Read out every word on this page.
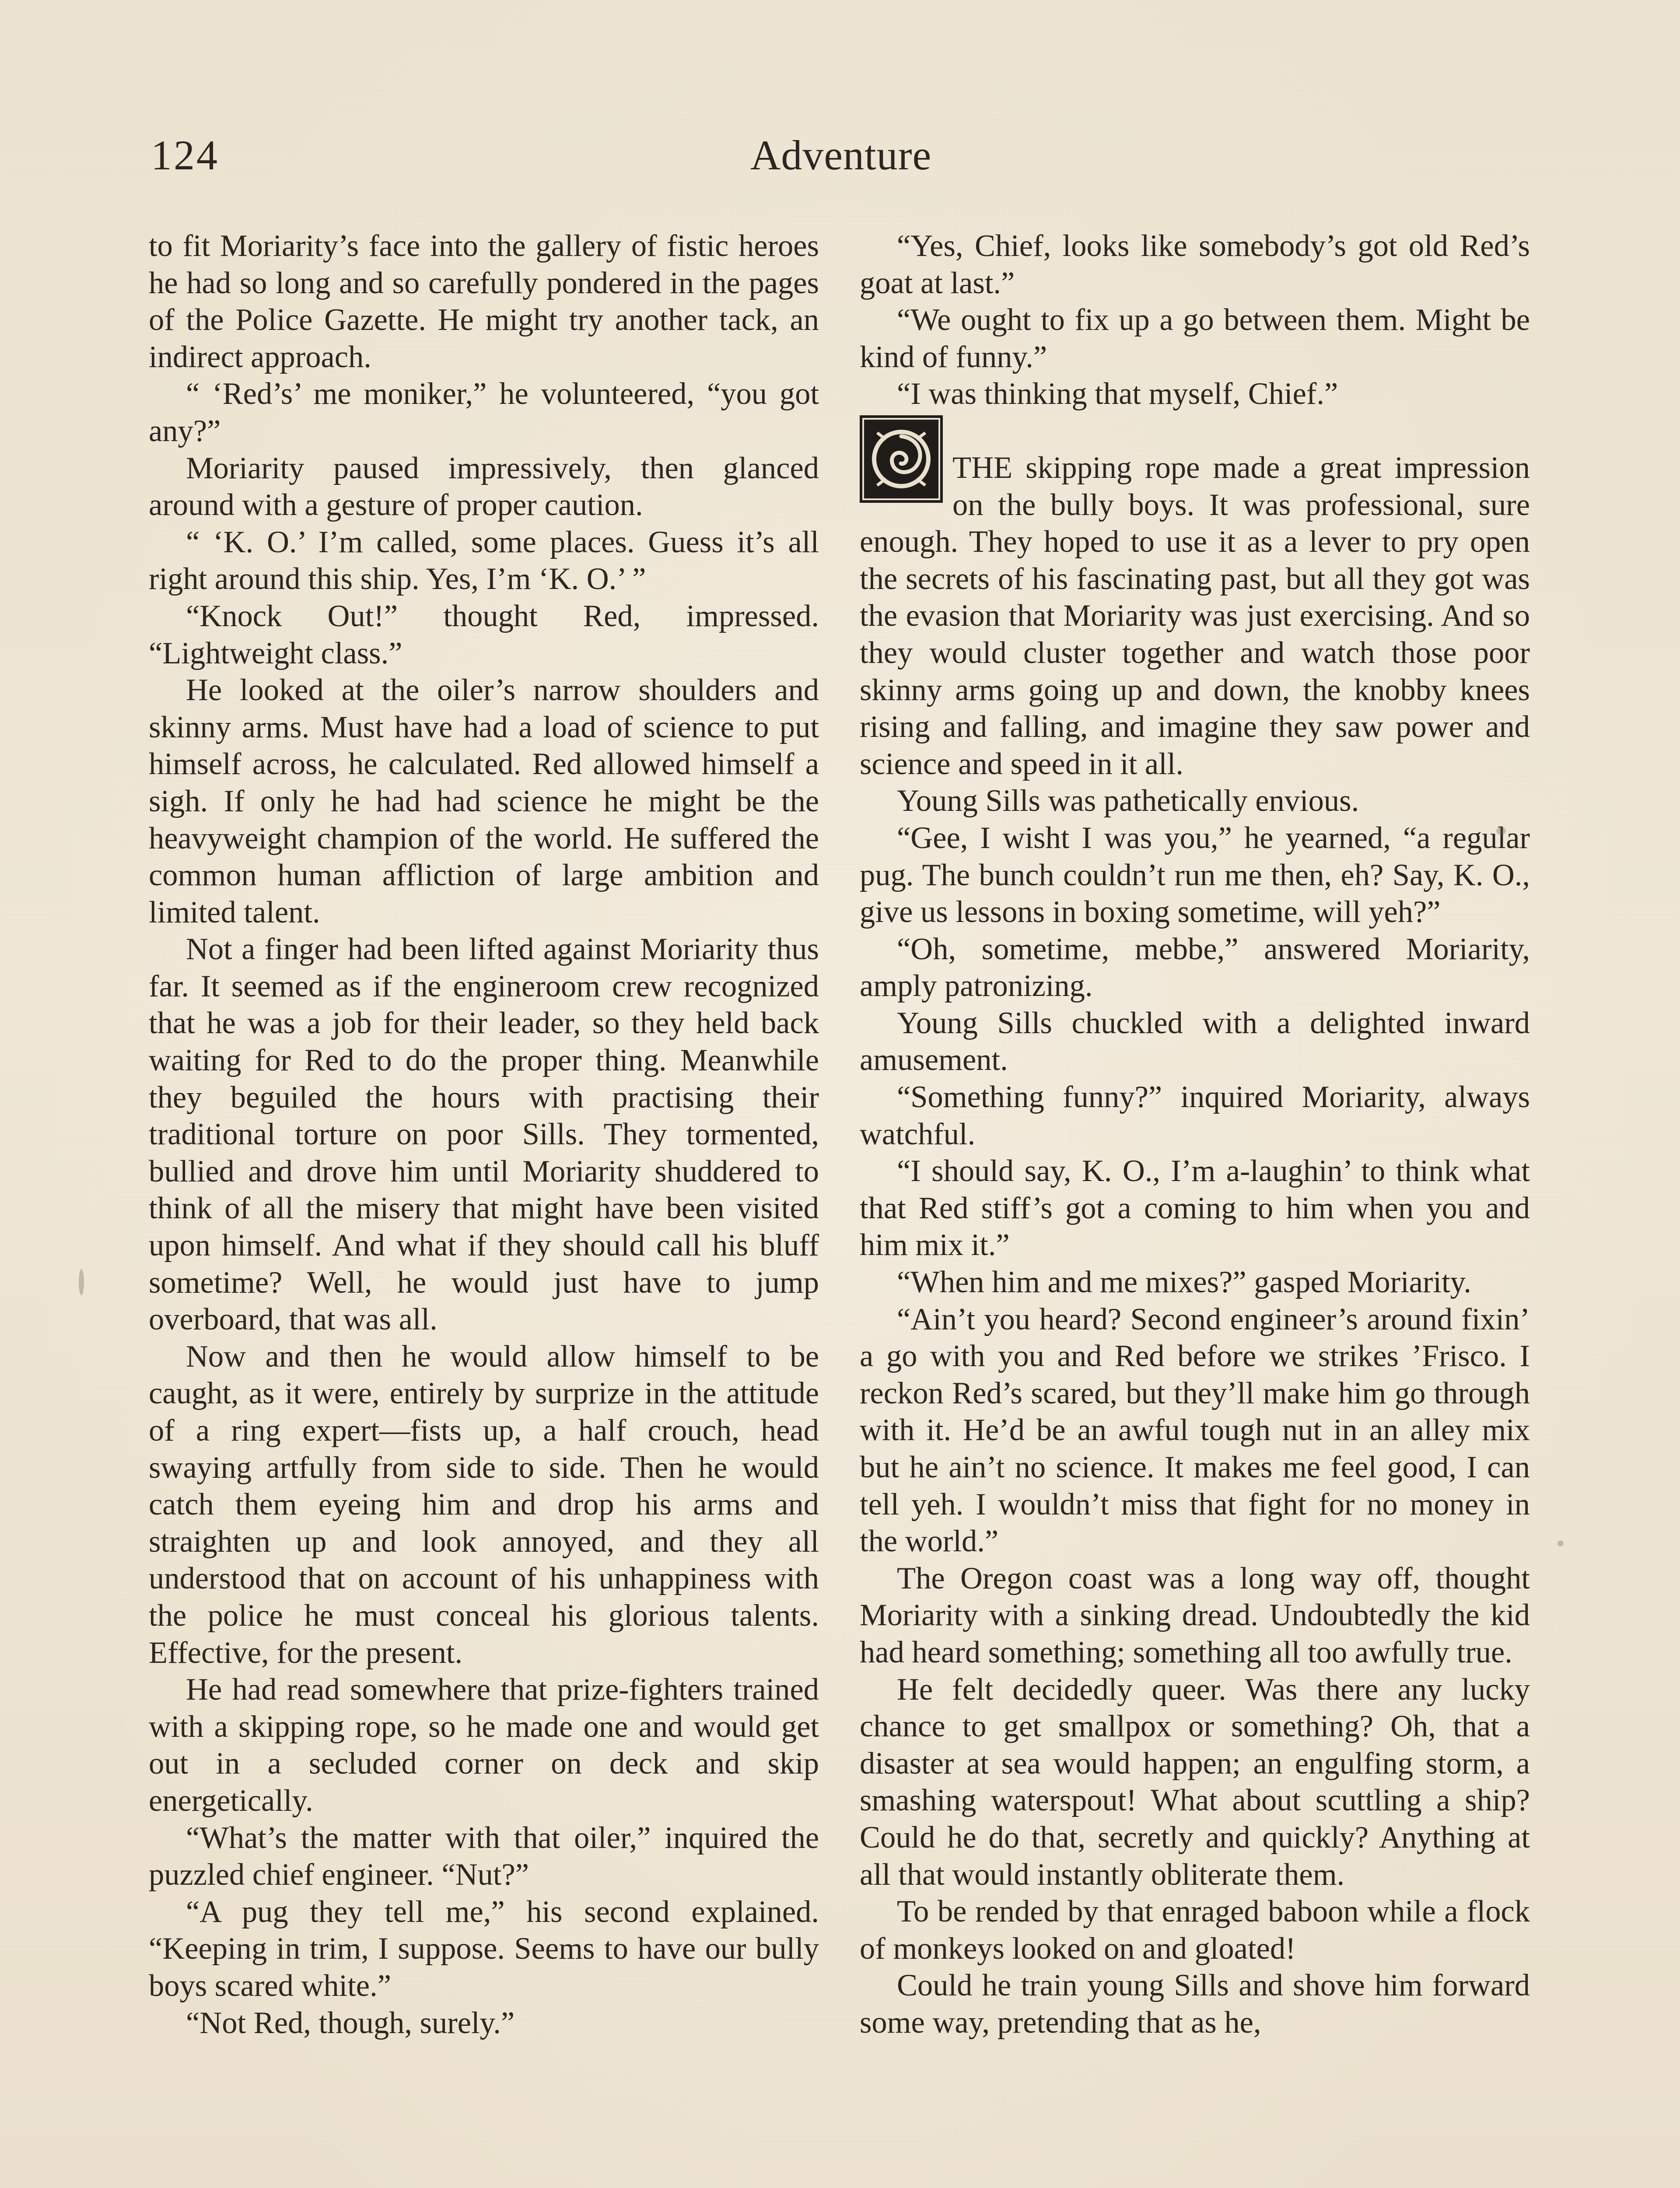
124	Adventure

to fit Moriarity’s face into the gallery of fistic heroes he had so long and so carefully pondered in the pages of the Police Gazette. He might try another tack, an indirect approach.

“ ‘Red’s’ me moniker,” he volunteered, “you got any?”

Moriarity paused impressively, then glanced around with a gesture of proper caution.

“ ‘K. O.’ I’m called, some places. Guess it’s all right around this ship. Yes, I’m ‘K. O.’ ”

“Knock Out!” thought Red, impressed. “Lightweight class.”

He looked at the oiler’s narrow shoulders and skinny arms. Must have had a load of science to put himself across, he calculated. Red allowed himself a sigh. If only he had had science he might be the heavyweight champion of the world. He suffered the common human affliction of large ambition and limited talent.

Not a finger had been lifted against Moriarity thus far. It seemed as if the engineroom crew recognized that he was a job for their leader, so they held back waiting for Red to do the proper thing. Meanwhile they beguiled the hours with practising their traditional torture on poor Sills. They tormented, bullied and drove him until Moriarity shuddered to think of all the misery that might have been visited upon himself. And what if they should call his bluff sometime? Well, he would just have to jump overboard, that was all.

Now and then he would allow himself to be caught, as it were, entirely by surprize in the attitude of a ring expert—fists up, a half crouch, head swaying artfully from side to side. Then he would catch them eyeing him and drop his arms and straighten up and look annoyed, and they all understood that on account of his unhappiness with the police he must conceal his glorious talents. Effective, for the present.

He had read somewhere that prize-fighters trained with a skipping rope, so he made one and would get out in a secluded corner on deck and skip energetically.

“What’s the matter with that oiler,” inquired the puzzled chief engineer. “Nut?”

“A pug they tell me,” his second explained. “Keeping in trim, I suppose. Seems to have our bully boys scared white.”

“Not Red, though, surely.”

“Yes, Chief, looks like somebody’s got old Red’s goat at last.”

“We ought to fix up a go between them. Might be kind of funny.”

“I was thinking that myself, Chief.”

THE skipping rope made a great impression on the bully boys. It was professional, sure enough. They hoped to use it as a lever to pry open the secrets of his fascinating past, but all they got was the evasion that Moriarity was just exercising. And so they would cluster together and watch those poor skinny arms going up and down, the knobby knees rising and falling, and imagine they saw power and science and speed in it all.

Young Sills was pathetically envious.

“Gee, I wisht I was you,” he yearned, “a regular pug. The bunch couldn’t run me then, eh? Say, K. O., give us lessons in boxing sometime, will yeh?”

“Oh, sometime, mebbe,” answered Moriarity, amply patronizing.

Young Sills chuckled with a delighted inward amusement.

“Something funny?” inquired Moriarity, always watchful.

“I should say, K. O., I’m a-laughin’ to think what that Red stiff’s got a coming to him when you and him mix it.”

“When him and me mixes?” gasped Moriarity.

“Ain’t you heard? Second engineer’s around fixin’ a go with you and Red before we strikes ’Frisco. I reckon Red’s scared, but they’ll make him go through with it. He’d be an awful tough nut in an alley mix but he ain’t no science. It makes me feel good, I can tell yeh. I wouldn’t miss that fight for no money in the world.”

The Oregon coast was a long way off, thought Moriarity with a sinking dread. Undoubtedly the kid had heard something; something all too awfully true.

He felt decidedly queer. Was there any lucky chance to get smallpox or something? Oh, that a disaster at sea would happen; an engulfing storm, a smashing waterspout! What about scuttling a ship? Could he do that, secretly and quickly? Anything at all that would instantly obliterate them.

To be rended by that enraged baboon while a flock of monkeys looked on and gloated!

Could he train young Sills and shove him forward some way, pretending that as he,
